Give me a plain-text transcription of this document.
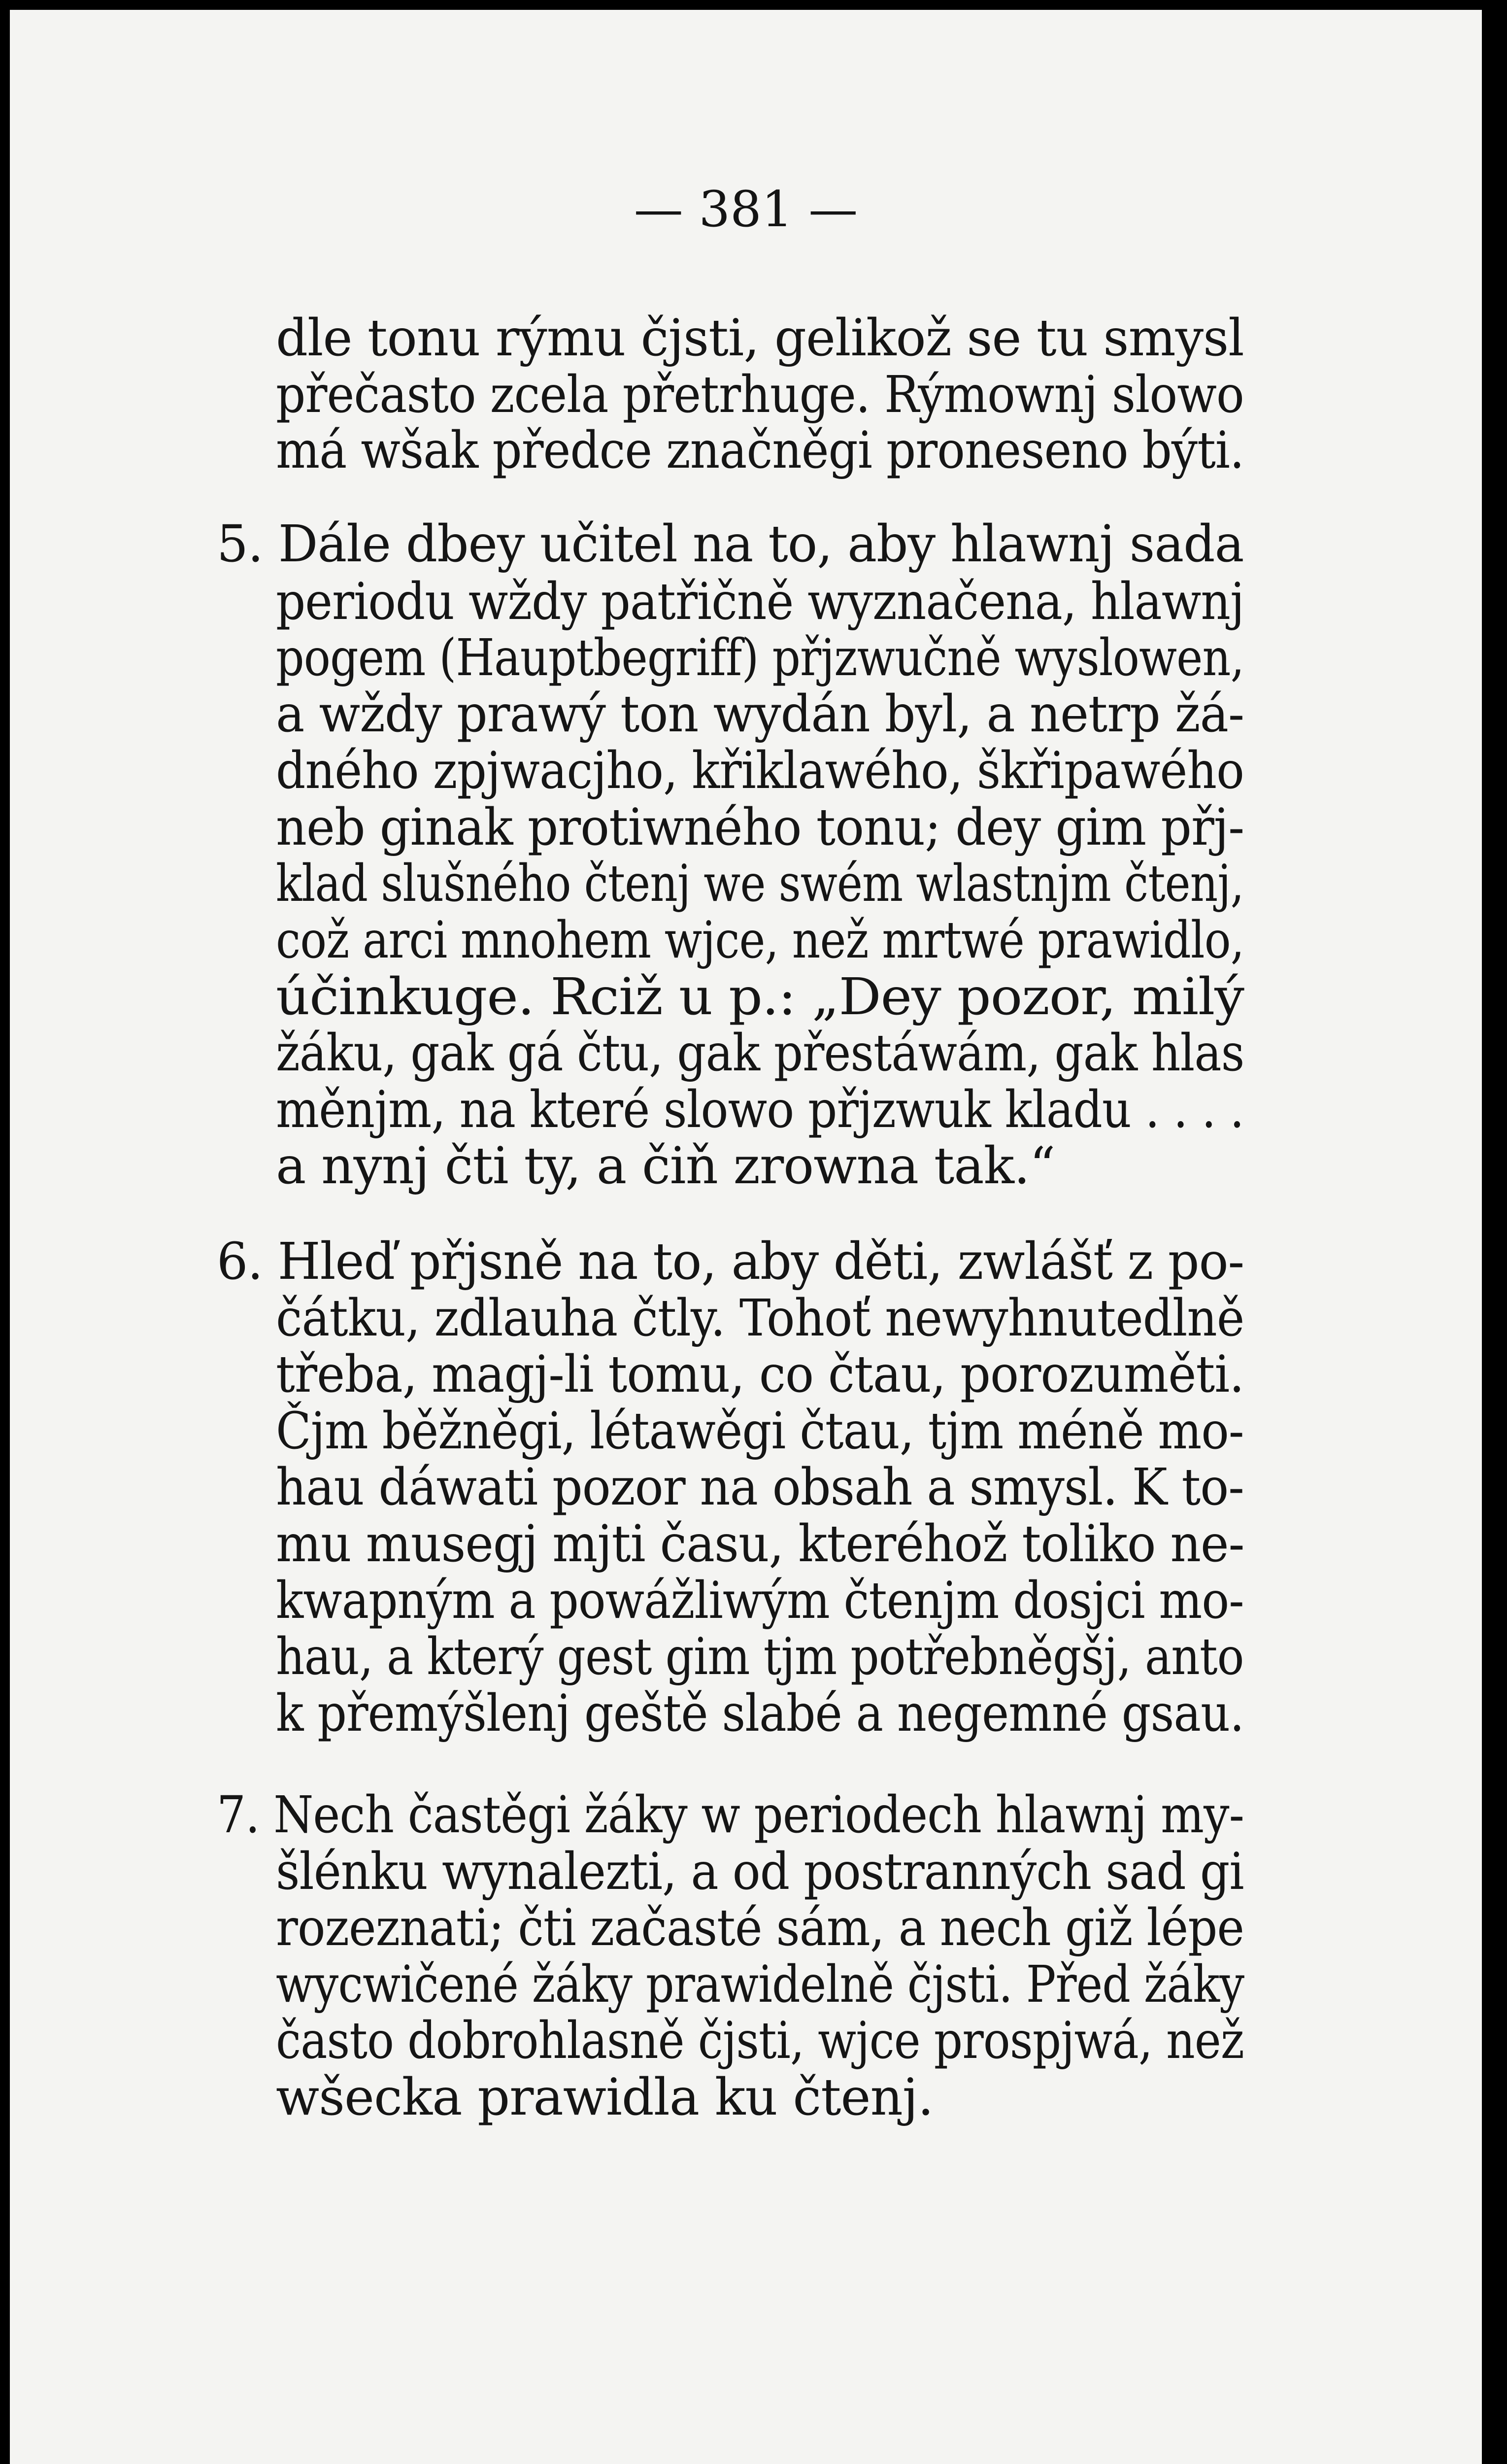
— 381 —
dle tonu rýmu čjsti, gelikož se tu smysl
přečasto zcela přetrhuge. Rýmownj slowo
má wšak předce značněgi proneseno býti.
5. Dále dbey učitel na to, aby hlawnj sada
periodu wždy patřičně wyznačena, hlawnj
pogem (Hauptbegriff) přjzwučně wyslowen,
a wždy prawý ton wydán byl, a netrp žá-
dného zpjwacjho, křiklawého, škřipawého
neb ginak protiwného tonu; dey gim přj-
klad slušného čtenj we swém wlastnjm čtenj,
což arci mnohem wjce, než mrtwé prawidlo,
účinkuge. Rciž u p.: „Dey pozor, milý
žáku, gak gá čtu, gak přestáwám, gak hlas
měnjm, na které slowo přjzwuk kladu . . . .
a nynj čti ty, a čiň zrowna tak.“
6. Hleď přjsně na to, aby děti, zwlášť z po-
čátku, zdlauha čtly. Tohoť newyhnutedlně
třeba, magj-li tomu, co čtau, porozuměti.
Čjm běžněgi, létawěgi čtau, tjm méně mo-
hau dáwati pozor na obsah a smysl. K to-
mu musegj mjti času, kteréhož toliko ne-
kwapným a powážliwým čtenjm dosjci mo-
hau, a který gest gim tjm potřebněgšj, anto
k přemýšlenj geště slabé a negemné gsau.
7. Nech častěgi žáky w periodech hlawnj my-
šlénku wynalezti, a od postranných sad gi
rozeznati; čti začasté sám, a nech giž lépe
wycwičené žáky prawidelně čjsti. Před žáky
často dobrohlasně čjsti, wjce prospjwá, než
wšecka prawidla ku čtenj.
